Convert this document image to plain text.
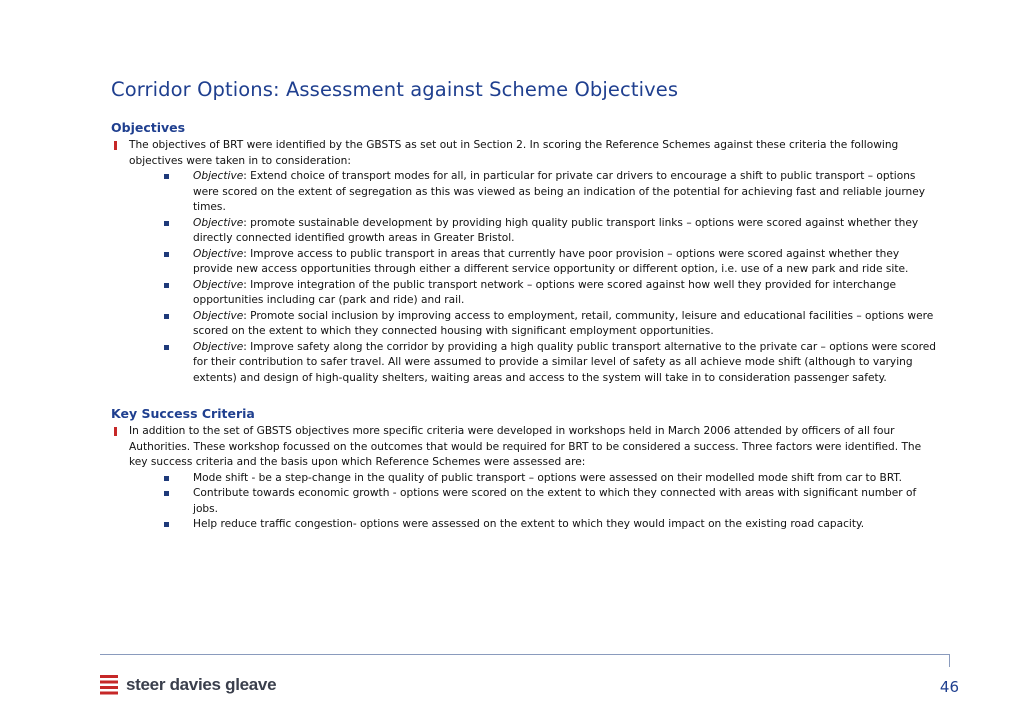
Corridor Options: Assessment against Scheme Objectives
Objectives
The objectives of BRT were identified by the GBSTS as set out in Section 2. In scoring the Reference Schemes against these criteria the following objectives were taken in to consideration:
Objective: Extend choice of transport modes for all, in particular for private car drivers to encourage a shift to public transport – options were scored on the extent of segregation as this was viewed as being an indication of the potential for achieving fast and reliable journey times.
Objective: promote sustainable development by providing high quality public transport links – options were scored against whether they directly connected identified growth areas in Greater Bristol.
Objective: Improve access to public transport in areas that currently have poor provision – options were scored against whether they provide new access opportunities through either a different service opportunity or different option, i.e. use of a new park and ride site.
Objective: Improve integration of the public transport network – options were scored against how well they provided for interchange opportunities including car (park and ride) and rail.
Objective: Promote social inclusion by improving access to employment, retail, community, leisure and educational facilities – options were scored on the extent to which they connected housing with significant employment opportunities.
Objective: Improve safety along the corridor by providing a high quality public transport alternative to the private car – options were scored for their contribution to safer travel. All were assumed to provide a similar level of safety as all achieve mode shift (although to varying extents) and design of high-quality shelters, waiting areas and access to the system will take in to consideration passenger safety.
Key Success Criteria
In addition to the set of GBSTS objectives more specific criteria were developed in workshops held in March 2006 attended by officers of all four Authorities. These workshop focussed on the outcomes that would be required for BRT to be considered a success. Three factors were identified. The key success criteria and the basis upon which Reference Schemes were assessed are:
Mode shift - be a step-change in the quality of public transport – options were assessed on their modelled mode shift from car to BRT.
Contribute towards economic growth - options were scored on the extent to which they connected with areas with significant number of jobs.
Help reduce traffic congestion- options were assessed on the extent to which they would impact on the existing road capacity.
steer davies gleave	46
